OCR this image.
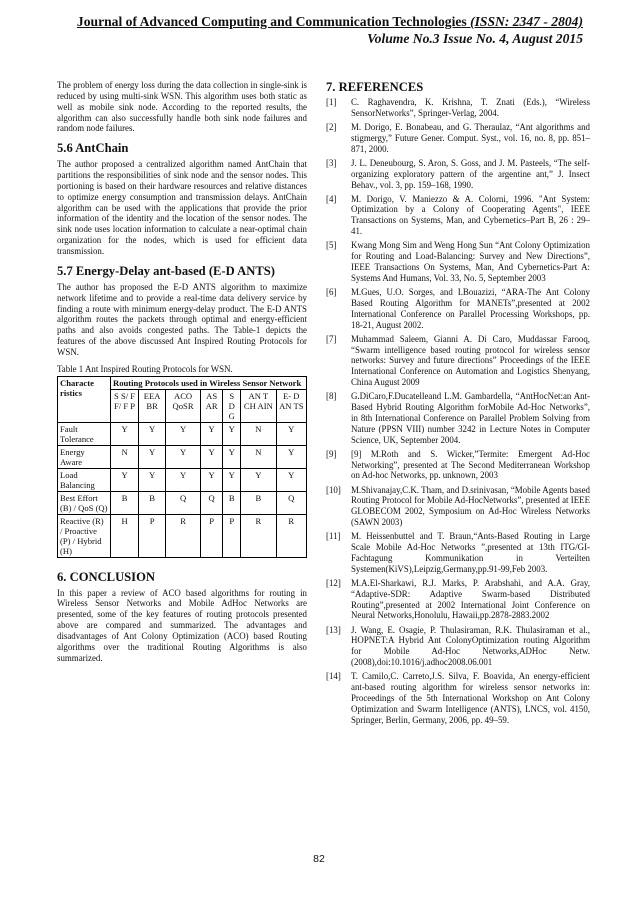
Journal of Advanced Computing and Communication Technologies (ISSN: 2347 - 2804)
Volume No.3 Issue No. 4, August 2015

The problem of energy loss during the data collection in single-sink is reduced by using multi-sink WSN. This algorithm uses both static as well as mobile sink node. According to the reported results, the algorithm can also successfully handle both sink node failures and random node failures.

5.6 AntChain

The author proposed a centralized algorithm named AntChain that partitions the responsibilities of sink node and the sensor nodes. This portioning is based on their hardware resources and relative distances to optimize energy consumption and transmission delays. AntChain algorithm can be used with the applications that provide the prior information of the identity and the location of the sensor nodes. The sink node uses location information to calculate a near-optimal chain organization for the nodes, which is used for efficient data transmission.

5.7 Energy-Delay ant-based (E-D ANTS)

The author has proposed the E-D ANTS algorithm to maximize network lifetime and to provide a real-time data delivery service by finding a route with minimum energy-delay product. The E-D ANTS algorithm routes the packets through optimal and energy-efficient paths and also avoids congested paths. The Table-1 depicts the features of the above discussed Ant Inspired Routing Protocols for WSN.

Table 1 Ant Inspired Routing Protocols for WSN.
Characte ristics	Routing Protocols used in Wireless Sensor Network						
	S S/ F F/ F P	EEA BR	ACO QoSR	AS AR	S D G	AN T CH AIN	E- D AN TS
Fault Tolerance	Y	Y	Y	Y	Y	N	Y
Energy Aware	N	Y	Y	Y	Y	N	Y
Load Balancing	Y	Y	Y	Y	Y	Y	Y
Best Effort (B) / QoS (Q)	B	B	Q	Q	B	B	Q
Reactive (R) / Proactive (P) / Hybrid (H)	H	P	R	P	P	R	R
6. CONCLUSION

In this paper a review of ACO based algorithms for routing in Wireless Sensor Networks and Mobile AdHoc Networks are presented, some of the key features of routing protocols presented above are compared and summarized. The advantages and disadvantages of Ant Colony Optimization (ACO) based Routing algorithms over the traditional Routing Algorithms is also summarized.

7. REFERENCES
[1]	C. Raghavendra, K. Krishna, T. Znati (Eds.), “Wireless SensorNetworks”, Springer-Verlag, 2004.
[2]	M. Dorigo, E. Bonabeau, and G. Theraulaz, “Ant algorithms and stigmergy,” Future Gener. Comput. Syst., vol. 16, no. 8, pp. 851–871, 2000.
[3]	J. L. Deneubourg, S. Aron, S. Goss, and J. M. Pasteels, “The self-organizing exploratory pattern of the argentine ant,” J. Insect Behav., vol. 3, pp. 159–168, 1990.
[4]	M. Dorigo, V. Maniezzo & A. Colorni, 1996. "Ant System: Optimization by a Colony of Cooperating Agents", IEEE Transactions on Systems, Man, and Cybernetics–Part B, 26 : 29–41.
[5]	Kwang Mong Sim and Weng Hong Sun “Ant Colony Optimization for Routing and Load-Balancing: Survey and New Directions”, IEEE Transactions On Systems, Man, And Cybernetics-Part A: Systems And Humans, Vol. 33, No. 5, September 2003
[6]	M.Gues, U.O. Sorges, and I.Bouazizi, “ARA-The Ant Colony Based Routing Algorithm for MANETs”,presented at 2002 International Conference on Parallel Processing Workshops, pp. 18-21, August 2002.
[7]	Muhammad Saleem, Gianni A. Di Caro, Muddassar Farooq, “Swarm intelligence based routing protocol for wireless sensor networks: Survey and future directions” Proceedings of the IEEE International Conference on Automation and Logistics Shenyang, China August 2009
[8]	G.DiCaro,F.Ducatelleand L.M. Gambardella, “AntHocNet:an Ant-Based Hybrid Routing Algorithm forMobile Ad-Hoc Networks”, in 8th International Conference on Parallel Problem Solving from Nature (PPSN VIII) number 3242 in Lecture Notes in Computer Science, UK, September 2004.
[9]	[9] M.Roth and S. Wicker,”Termite: Emergent Ad-Hoc Networking”, presented at The Second Mediterranean Workshop on Ad-hoc Networks, pp. unknown, 2003
[10]	M.Shivanajay,C.K. Tham, and D.srinivasan, “Mobile Agents based Routing Protocol for Mobile Ad-HocNetworks”, presented at IEEE GLOBECOM 2002, Symposium on Ad-Hoc Wireless Networks (SAWN 2003)
[11]	M. Heissenbuttel and T. Braun,“Ants-Based Routing in Large Scale Mobile Ad-Hoc Networks ”,presented at 13th ITG/GI-Fachtagung Kommunikation in Verteilten Systemen(KiVS),Leipzig,Germany,pp.91-99,Feb 2003.
[12]	M.A.El-Sharkawi, R.J. Marks, P. Arabshahi, and A.A. Gray, “Adaptive-SDR: Adaptive Swarm-based Distributed Routing”,presented at 2002 International Joint Conference on Neural Networks,Honolulu, Hawaii,pp.2878-2883.2002
[13]	J. Wang, E. Osagie, P. Thulasiraman, R.K. Thulasiraman et al., HOPNET:A Hybrid Ant ColonyOptimization routing Algorithm for Mobile Ad-Hoc Networks,ADHoc Netw.(2008),doi:10.1016/j.adhoc2008.06.001
[14]	T. Camilo,C. Carreto,J.S. Silva, F. Boavida, An energy-efficient ant-based routing algorithm for wireless sensor networks in: Proceedings of the 5th International Workshop on Ant Colony Optimization and Swarm Intelligence (ANTS), LNCS, vol. 4150, Springer, Berlin, Germany, 2006, pp. 49–59.
82
